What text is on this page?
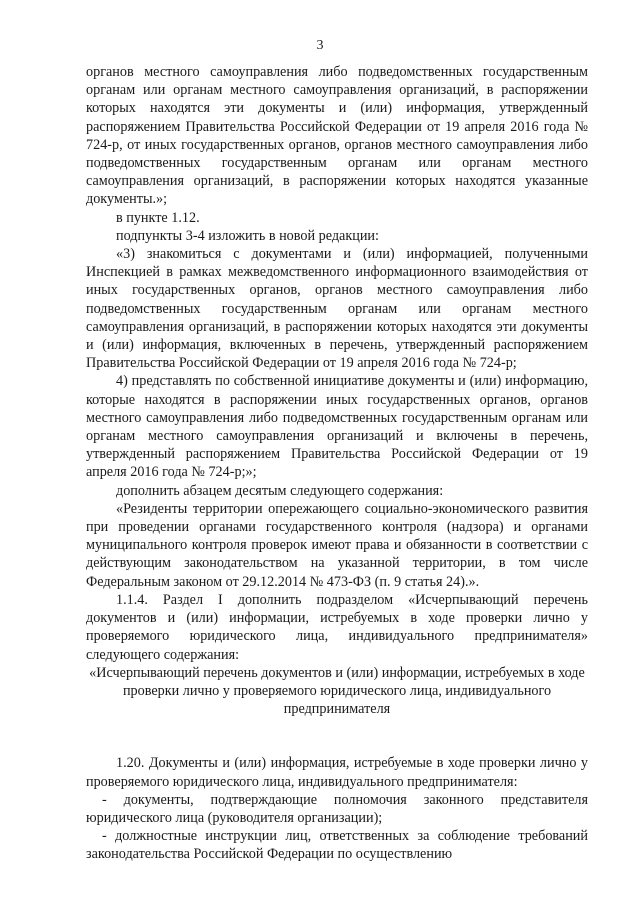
3

органов местного самоуправления либо подведомственных государственным органам или органам местного самоуправления организаций, в распоряжении которых находятся эти документы и (или) информация, утвержденный распоряжением Правительства Российской Федерации от 19 апреля 2016 года № 724-р, от иных государственных органов, органов местного самоуправления либо подведомственных государственным органам или органам местного самоуправления организаций, в распоряжении которых находятся указанные документы.»;

в пункте 1.12.

подпункты 3-4 изложить в новой редакции:

«3) знакомиться с документами и (или) информацией, полученными Инспекцией в рамках межведомственного информационного взаимодействия от иных государственных органов, органов местного самоуправления либо подведомственных государственным органам или органам местного самоуправления организаций, в распоряжении которых находятся эти документы и (или) информация, включенных в перечень, утвержденный распоряжением Правительства Российской Федерации от 19 апреля 2016 года № 724-р;

4) представлять по собственной инициативе документы и (или) информацию, которые находятся в распоряжении иных государственных органов, органов местного самоуправления либо подведомственных государственным органам или органам местного самоуправления организаций и включены в перечень, утвержденный распоряжением Правительства Российской Федерации от 19 апреля 2016 года № 724-р;»;

дополнить абзацем десятым следующего содержания:

«Резиденты территории опережающего социально-экономического развития при проведении органами государственного контроля (надзора) и органами муниципального контроля проверок имеют права и обязанности в соответствии с действующим законодательством на указанной территории, в том числе Федеральным законом от 29.12.2014 № 473-ФЗ (п. 9 статья 24).».

1.1.4. Раздел I дополнить подразделом «Исчерпывающий перечень документов и (или) информации, истребуемых в ходе проверки лично у проверяемого юридического лица, индивидуального предпринимателя» следующего содержания:

«Исчерпывающий перечень документов и (или) информации, истребуемых в ходе проверки лично у проверяемого юридического лица, индивидуального предпринимателя

1.20. Документы и (или) информация, истребуемые в ходе проверки лично у проверяемого юридического лица, индивидуального предпринимателя:

- документы, подтверждающие полномочия законного представителя юридического лица (руководителя организации);

- должностные инструкции лиц, ответственных за соблюдение требований законодательства Российской Федерации по осуществлению
